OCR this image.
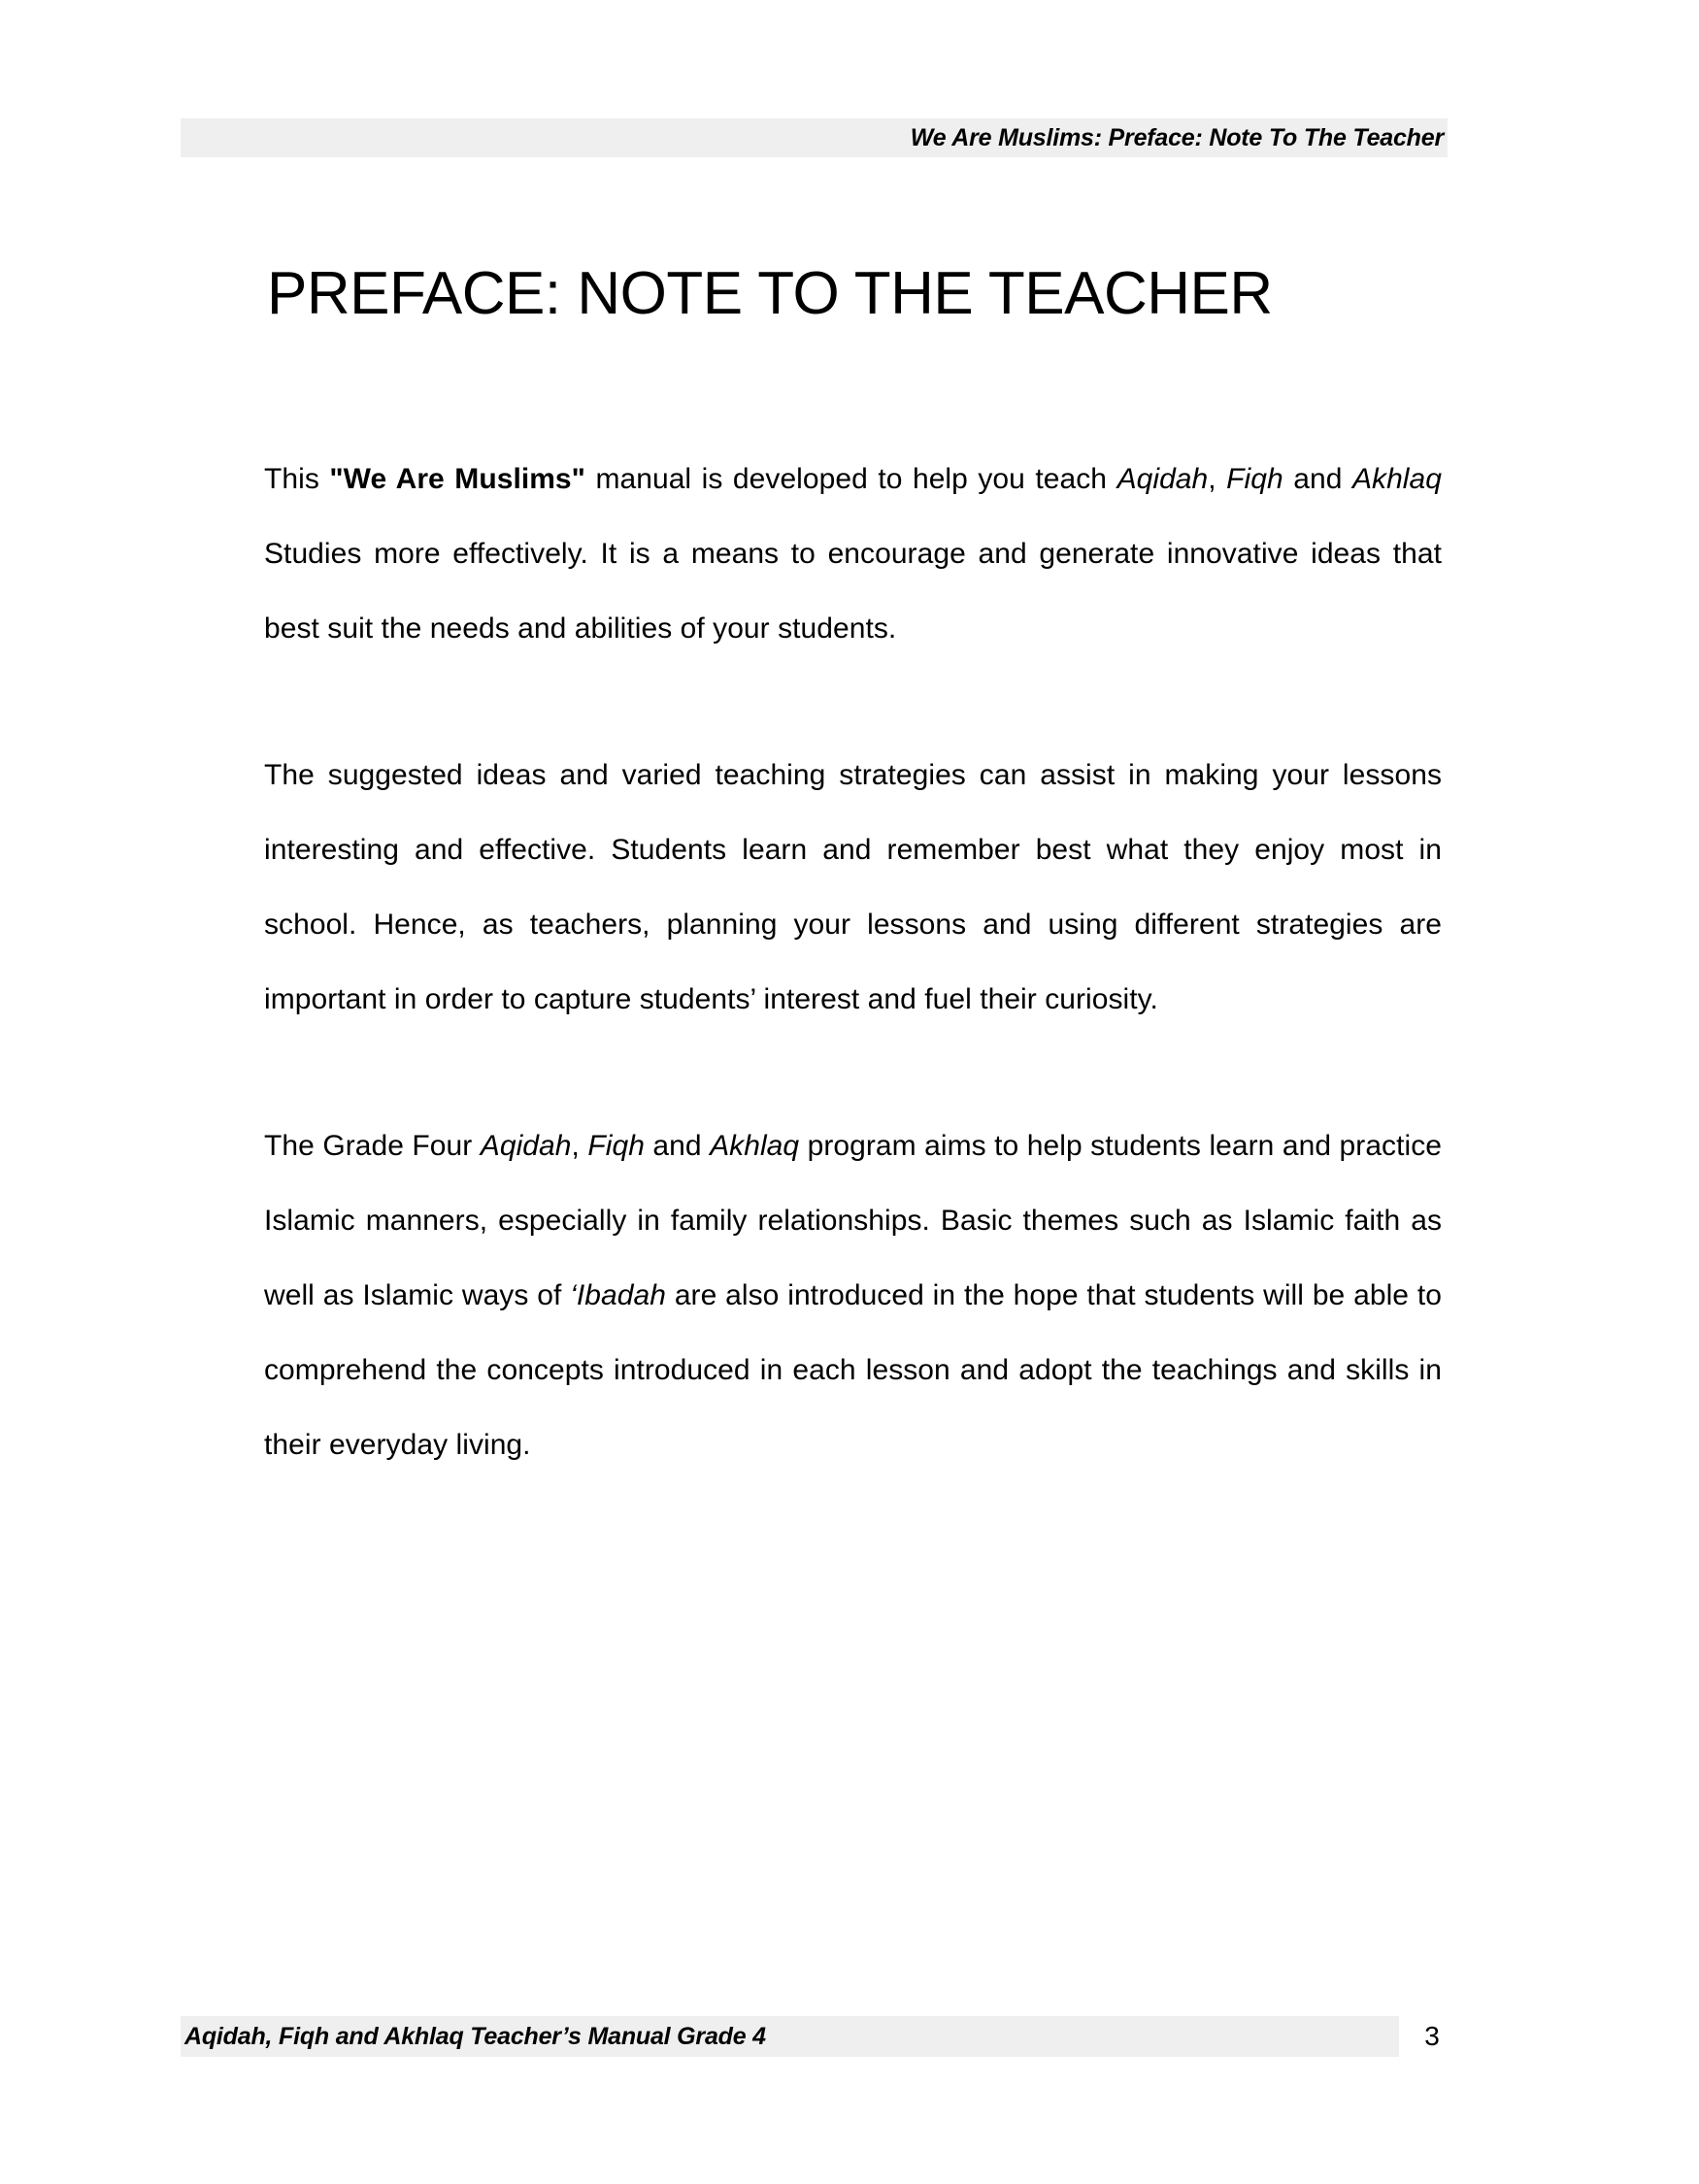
We Are Muslims: Preface: Note To The Teacher
PREFACE: NOTE TO THE TEACHER

This "We Are Muslims" manual is developed to help you teach Aqidah, Fiqh and Akhlaq Studies more effectively. It is a means to encourage and generate innovative ideas that best suit the needs and abilities of your students.

The suggested ideas and varied teaching strategies can assist in making your lessons interesting and effective. Students learn and remember best what they enjoy most in school. Hence, as teachers, planning your lessons and using different strategies are important in order to capture students’ interest and fuel their curiosity.

The Grade Four Aqidah, Fiqh and Akhlaq program aims to help students learn and practice Islamic manners, especially in family relationships. Basic themes such as Islamic faith as well as Islamic ways of ‘Ibadah are also introduced in the hope that students will be able to comprehend the concepts introduced in each lesson and adopt the teachings and skills in their everyday living.

Aqidah, Fiqh and Akhlaq Teacher’s Manual Grade 4	3
